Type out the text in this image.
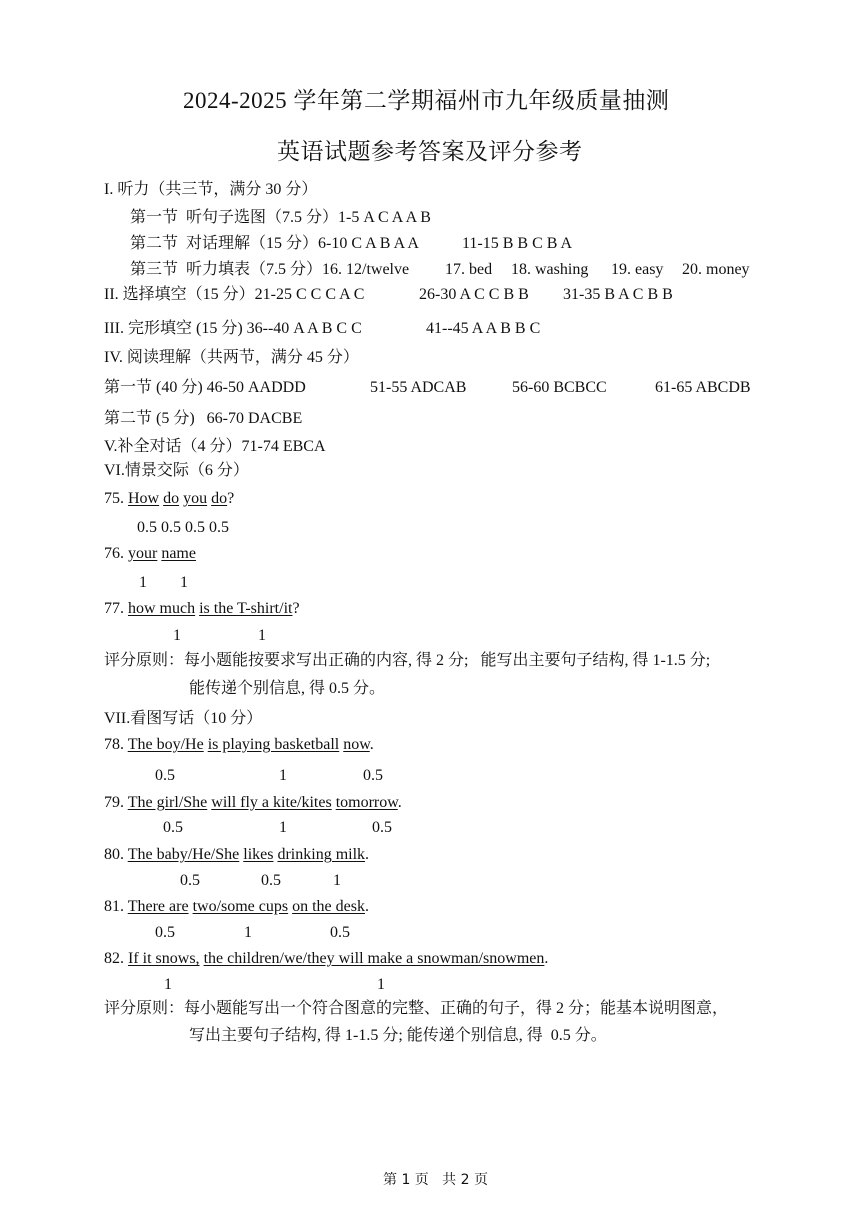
2024-2025 学年第二学期福州市九年级质量抽测
英语试题参考答案及评分参考
I. 听力（共三节，满分 30 分）
第一节  听句子选图（7.5 分）1-5 A C A A B
第二节  对话理解（15 分）6-10 C A B A A	11-15 B B C B A
第三节  听力填表（7.5 分）16. 12/twelve 17. bed 18. washing 19. easy 20. money
II. 选择填空（15 分）21-25 C C C A C	26-30 A C C B B 31-35 B A C B B
III. 完形填空 (15 分) 36--40 A A B C C	41--45 A A B B C
IV. 阅读理解（共两节，满分 45 分）
第一节 (40 分) 46-50 AADDD	51-55 ADCAB	56-60 BCBCC	61-65 ABCDB
第二节 (5 分)   66-70 DACBE
V.补全对话（4 分）71-74 EBCA
VI.情景交际（6 分）
75. How do you do?
0.5 0.5 0.5 0.5
76. your name
1 1
77. how much is the T-shirt/it?
1	1
评分原则：每小题能按要求写出正确的内容, 得 2 分;   能写出主要句子结构, 得 1-1.5 分;
能传递个别信息, 得 0.5 分。
VII.看图写话（10 分）
78. The boy/He is playing basketball now.
0.5	1	0.5
79. The girl/She will fly a kite/kites tomorrow.
0.5	1	0.5
80. The baby/He/She likes drinking milk.
0.5	0.5	1
81. There are two/some cups on the desk.
0.5	1	0.5
82. If it snows, the children/we/they will make a snowman/snowmen.
1	1
评分原则：每小题能写出一个符合图意的完整、正确的句子，得 2 分；能基本说明图意，
写出主要句子结构, 得 1-1.5 分; 能传递个别信息, 得  0.5 分。
第 1 页   共 2 页
